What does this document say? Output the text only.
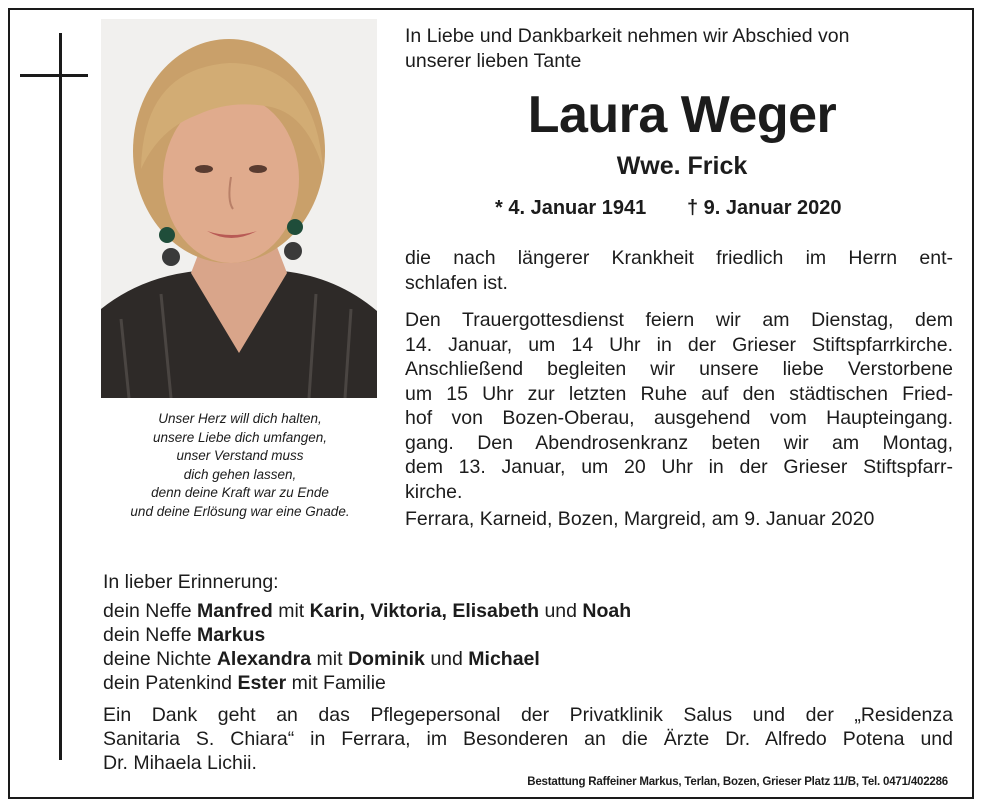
Unser Herz will dich halten,
unsere Liebe dich umfangen,
unser Verstand muss
dich gehen lassen,
denn deine Kraft war zu Ende
und deine Erlösung war eine Gnade.
In Liebe und Dankbarkeit nehmen wir Abschied von
unserer lieben Tante
Laura Weger
Wwe. Frick
* 4. Januar 1941 † 9. Januar 2020
die nach längerer Krankheit friedlich im Herrn ent-
schlafen ist.
Den Trauergottesdienst feiern wir am Dienstag, dem
14. Januar, um 14 Uhr in der Grieser Stiftspfarrkirche.
Anschließend begleiten wir unsere liebe Verstorbene
um 15 Uhr zur letzten Ruhe auf den städtischen Fried-
hof von Bozen-Oberau, ausgehend vom Haupteingang.
gang. Den Abendrosenkranz beten wir am Montag,
dem 13. Januar, um 20 Uhr in der Grieser Stiftspfarr-
kirche.
Ferrara, Karneid, Bozen, Margreid, am 9. Januar 2020
In lieber Erinnerung:
dein Neffe Manfred mit Karin, Viktoria, Elisabeth und Noah
dein Neffe Markus
deine Nichte Alexandra mit Dominik und Michael
dein Patenkind Ester mit Familie
Ein Dank geht an das Pflegepersonal der Privatklinik Salus und der „Residenza
Sanitaria S. Chiara“ in Ferrara, im Besonderen an die Ärzte Dr. Alfredo Potena und
Dr. Mihaela Lichii.
Bestattung Raffeiner Markus, Terlan, Bozen, Grieser Platz 11/B, Tel. 0471/402286
